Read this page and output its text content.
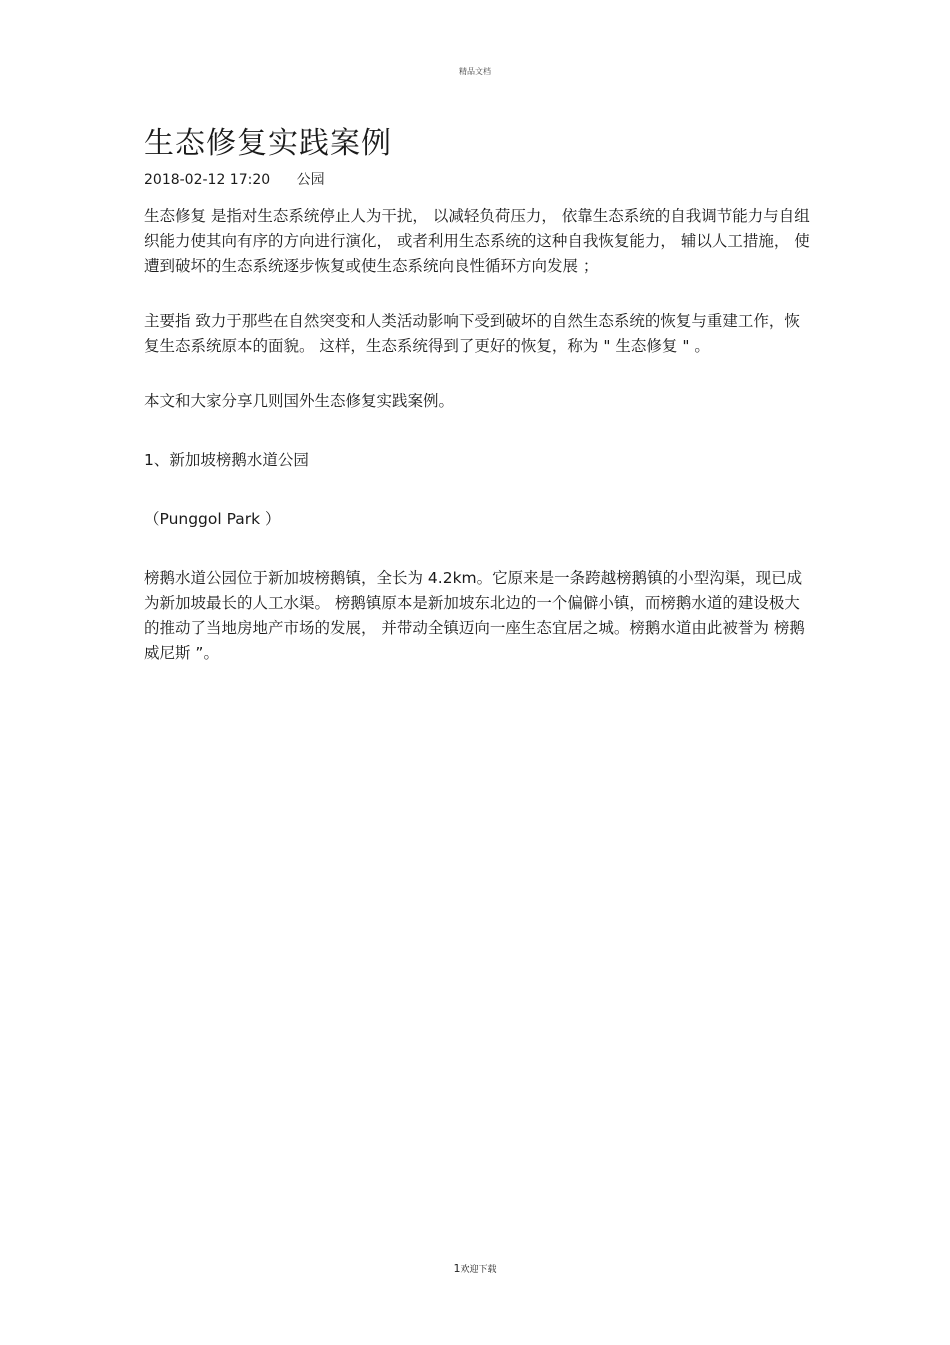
精品文档
生态修复实践案例
2018-02-12 17:20 公园

生态修复 是指对生态系统停止人为干扰， 以减轻负荷压力， 依靠生态系统的自我调节能力与自组织能力使其向有序的方向进行演化， 或者利用生态系统的这种自我恢复能力， 辅以人工措施， 使遭到破坏的生态系统逐步恢复或使生态系统向良性循环方向发展 ；

主要指 致力于那些在自然突变和人类活动影响下受到破坏的自然生态系统的恢复与重建工作，恢复生态系统原本的面貌。 这样，生态系统得到了更好的恢复，称为 " 生态修复 " 。

本文和大家分享几则国外生态修复实践案例。

1、新加坡榜鹅水道公园

（Punggol Park ）

榜鹅水道公园位于新加坡榜鹅镇，全长为 4.2km。它原来是一条跨越榜鹅镇的小型沟渠，现已成为新加坡最长的人工水渠。 榜鹅镇原本是新加坡东北边的一个偏僻小镇，而榜鹅水道的建设极大的推动了当地房地产市场的发展， 并带动全镇迈向一座生态宜居之城。榜鹅水道由此被誉为 榜鹅威尼斯 ”。

1欢迎下载
